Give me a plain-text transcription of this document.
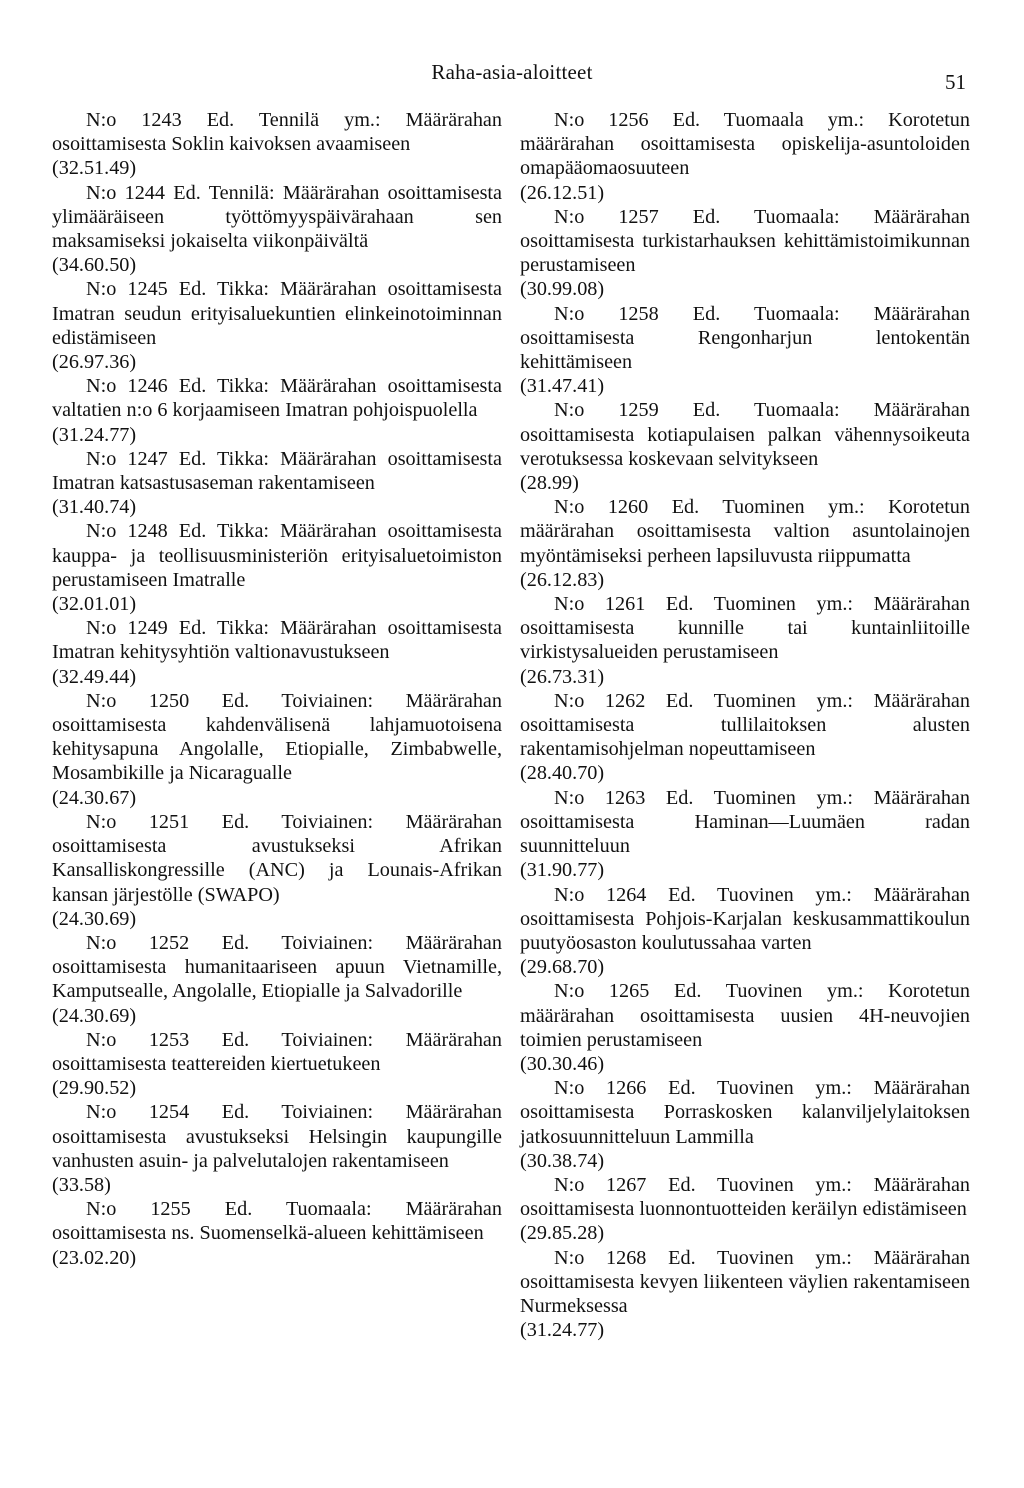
Raha-asia-aloitteet	51
N:o 1243 Ed. Tennilä ym.: Määrärahan osoittamisesta Soklin kaivoksen avaamiseen
(32.51.49)
N:o 1244 Ed. Tennilä: Määrärahan osoittamisesta ylimääräiseen työttömyyspäivärahaan sen maksamiseksi jokaiselta viikonpäivältä
(34.60.50)
N:o 1245 Ed. Tikka: Määrärahan osoittamisesta Imatran seudun erityisaluekuntien elinkeinotoiminnan edistämiseen
(26.97.36)
N:o 1246 Ed. Tikka: Määrärahan osoittamisesta valtatien n:o 6 korjaamiseen Imatran pohjoispuolella
(31.24.77)
N:o 1247 Ed. Tikka: Määrärahan osoittamisesta Imatran katsastusaseman rakentamiseen
(31.40.74)
N:o 1248 Ed. Tikka: Määrärahan osoittamisesta kauppa- ja teollisuusministeriön erityisaluetoimiston perustamiseen Imatralle
(32.01.01)
N:o 1249 Ed. Tikka: Määrärahan osoittamisesta Imatran kehitysyhtiön valtionavustukseen
(32.49.44)
N:o 1250 Ed. Toiviainen: Määrärahan osoittamisesta kahdenvälisenä lahjamuotoisena kehitysapuna Angolalle, Etiopialle, Zimbabwelle, Mosambikille ja Nicaragualle
(24.30.67)
N:o 1251 Ed. Toiviainen: Määrärahan osoittamisesta avustukseksi Afrikan Kansalliskongressille (ANC) ja Lounais-Afrikan kansan järjestölle (SWAPO)
(24.30.69)
N:o 1252 Ed. Toiviainen: Määrärahan osoittamisesta humanitaariseen apuun Vietnamille, Kamputsealle, Angolalle, Etiopialle ja Salvadorille
(24.30.69)
N:o 1253 Ed. Toiviainen: Määrärahan osoittamisesta teattereiden kiertuetukeen
(29.90.52)
N:o 1254 Ed. Toiviainen: Määrärahan osoittamisesta avustukseksi Helsingin kaupungille vanhusten asuin- ja palvelutalojen rakentamiseen
(33.58)
N:o 1255 Ed. Tuomaala: Määrärahan osoittamisesta ns. Suomenselkä-alueen kehittämiseen
(23.02.20)
N:o 1256 Ed. Tuomaala ym.: Korotetun määrärahan osoittamisesta opiskelija-asuntoloiden omapääomaosuuteen
(26.12.51)
N:o 1257 Ed. Tuomaala: Määrärahan osoittamisesta turkistarhauksen kehittämistoimikunnan perustamiseen
(30.99.08)
N:o 1258 Ed. Tuomaala: Määrärahan osoittamisesta Rengonharjun lentokentän kehittämiseen
(31.47.41)
N:o 1259 Ed. Tuomaala: Määrärahan osoittamisesta kotiapulaisen palkan vähennysoikeuta verotuksessa koskevaan selvitykseen
(28.99)
N:o 1260 Ed. Tuominen ym.: Korotetun määrärahan osoittamisesta valtion asuntolainojen myöntämiseksi perheen lapsiluvusta riippumatta
(26.12.83)
N:o 1261 Ed. Tuominen ym.: Määrärahan osoittamisesta kunnille tai kuntainliitoille virkistysalueiden perustamiseen
(26.73.31)
N:o 1262 Ed. Tuominen ym.: Määrärahan osoittamisesta tullilaitoksen alusten rakentamisohjelman nopeuttamiseen
(28.40.70)
N:o 1263 Ed. Tuominen ym.: Määrärahan osoittamisesta Haminan—Luumäen radan suunnitteluun
(31.90.77)
N:o 1264 Ed. Tuovinen ym.: Määrärahan osoittamisesta Pohjois-Karjalan keskusammattikoulun puutyöosaston koulutussahaa varten
(29.68.70)
N:o 1265 Ed. Tuovinen ym.: Korotetun määrärahan osoittamisesta uusien 4H-neuvojien toimien perustamiseen
(30.30.46)
N:o 1266 Ed. Tuovinen ym.: Määrärahan osoittamisesta Porraskosken kalanviljelylaitoksen jatkosuunnitteluun Lammilla
(30.38.74)
N:o 1267 Ed. Tuovinen ym.: Määrärahan osoittamisesta luonnontuotteiden keräilyn edistämiseen
(29.85.28)
N:o 1268 Ed. Tuovinen ym.: Määrärahan osoittamisesta kevyen liikenteen väylien rakentamiseen Nurmeksessa
(31.24.77)
